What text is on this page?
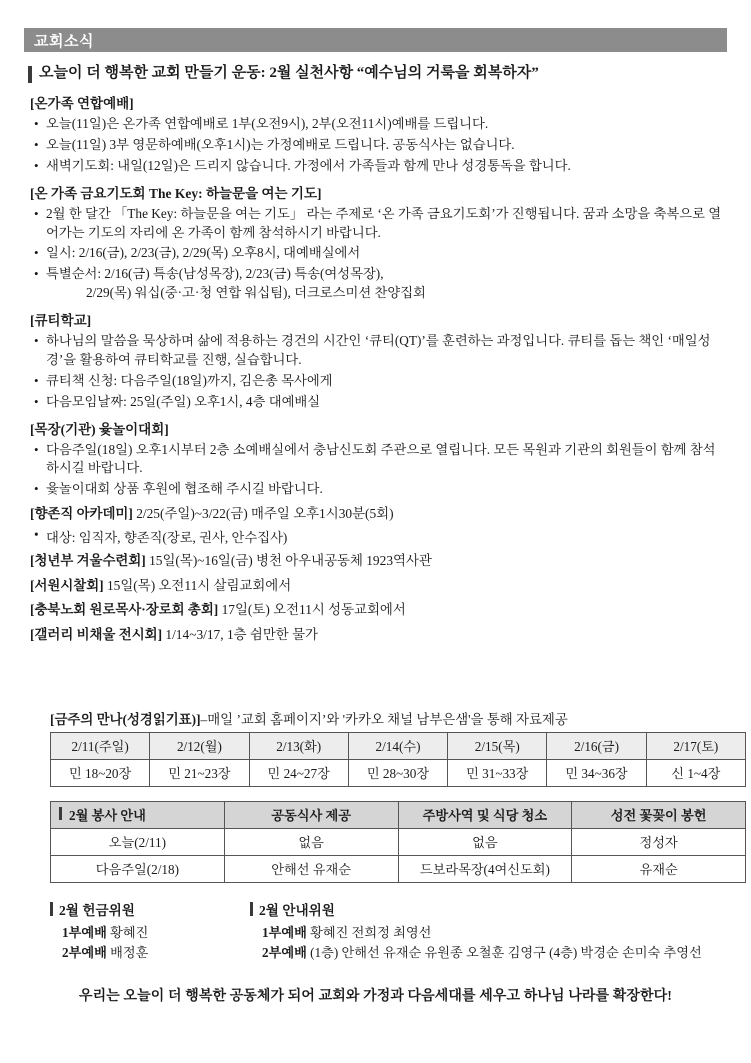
교회소식
오늘이 더 행복한 교회 만들기 운동: 2월 실천사항 “예수님의 거룩을 회복하자”
[온가족 연합예배]
• 오늘(11일)은 온가족 연합예배로 1부(오전9시), 2부(오전11시)예배를 드립니다.
• 오늘(11일) 3부 영문하예배(오후1시)는 가정예배로 드립니다. 공동식사는 없습니다.
• 새벽기도회: 내일(12일)은 드리지 않습니다. 가정에서 가족들과 함께 만나 성경통독을 합니다.
[온 가족 금요기도회 The Key: 하늘문을 여는 기도]
• 2월 한 달간 「The Key: 하늘문을 여는 기도」 라는 주제로 ‘온 가족 금요기도회’가 진행됩니다. 꿈과 소망을 축복으로 열어가는 기도의 자리에 온 가족이 함께 참석하시기 바랍니다.
• 일시: 2/16(금), 2/23(금), 2/29(목) 오후8시, 대예배실에서
• 특별순서: 2/16(금) 특송(남성목장), 2/23(금) 특송(여성목장),
2/29(목) 워십(중·고·청 연합 워십팀), 더크로스미션 찬양집회
[큐티학교]
• 하나님의 말씀을 묵상하며 삶에 적용하는 경건의 시간인 ‘큐티(QT)’를 훈련하는 과정입니다. 큐티를 돕는 책인 ‘매일성경’을 활용하여 큐티학교를 진행, 실습합니다.
• 큐티책 신청: 다음주일(18일)까지, 김은총 목사에게
• 다음모임날짜: 25일(주일) 오후1시, 4층 대예배실
[목장(기관) 윷놀이대회]
• 다음주일(18일) 오후1시부터 2층 소예배실에서 충남신도회 주관으로 열립니다. 모든 목원과 기관의 회원들이 함께 참석하시길 바랍니다.
• 윷놀이대회 상품 후원에 협조해 주시길 바랍니다.
[향존직 아카데미] 2/25(주일)~3/22(금) 매주일 오후1시30분(5회)
• 대상: 임직자, 향존직(장로, 권사, 안수집사)
[청년부 겨울수련회] 15일(목)~16일(금) 병천 아우내공동체 1923역사관
[서원시찰회] 15일(목) 오전11시 살림교회에서
[충북노회 원로목사·장로회 총회] 17일(토) 오전11시 성동교회에서
[갤러리 비채울 전시회] 1/14~3/17, 1층 쉼만한 물가
[금주의 만나(성경읽기표)]–매일 ’교회 홈페이지’와 '카카오 채널 남부은샘'을 통해 자료제공
2/11(주일)	2/12(월)	2/13(화)	2/14(수)	2/15(목)	2/16(금)	2/17(토)
민 18~20장	민 21~23장	민 24~27장	민 28~30장	민 31~33장	민 34~36장	신 1~4장
2월 봉사 안내	공동식사 제공	주방사역 및 식당 청소	성전 꽃꽂이 봉헌
오늘(2/11)	없음	없음	정성자
다음주일(2/18)	안해선 유재순	드보라목장(4여신도회)	유재순
2월 헌금위원
1부예배 황혜진
2부예배 배정훈
2월 안내위원
1부예배 황혜진 전희정 최영선
2부예배 (1층) 안해선 유재순 유원종 오철훈 김영구 (4층) 박경순 손미숙 추영선
우리는 오늘이 더 행복한 공동체가 되어 교회와 가정과 다음세대를 세우고 하나님 나라를 확장한다!
